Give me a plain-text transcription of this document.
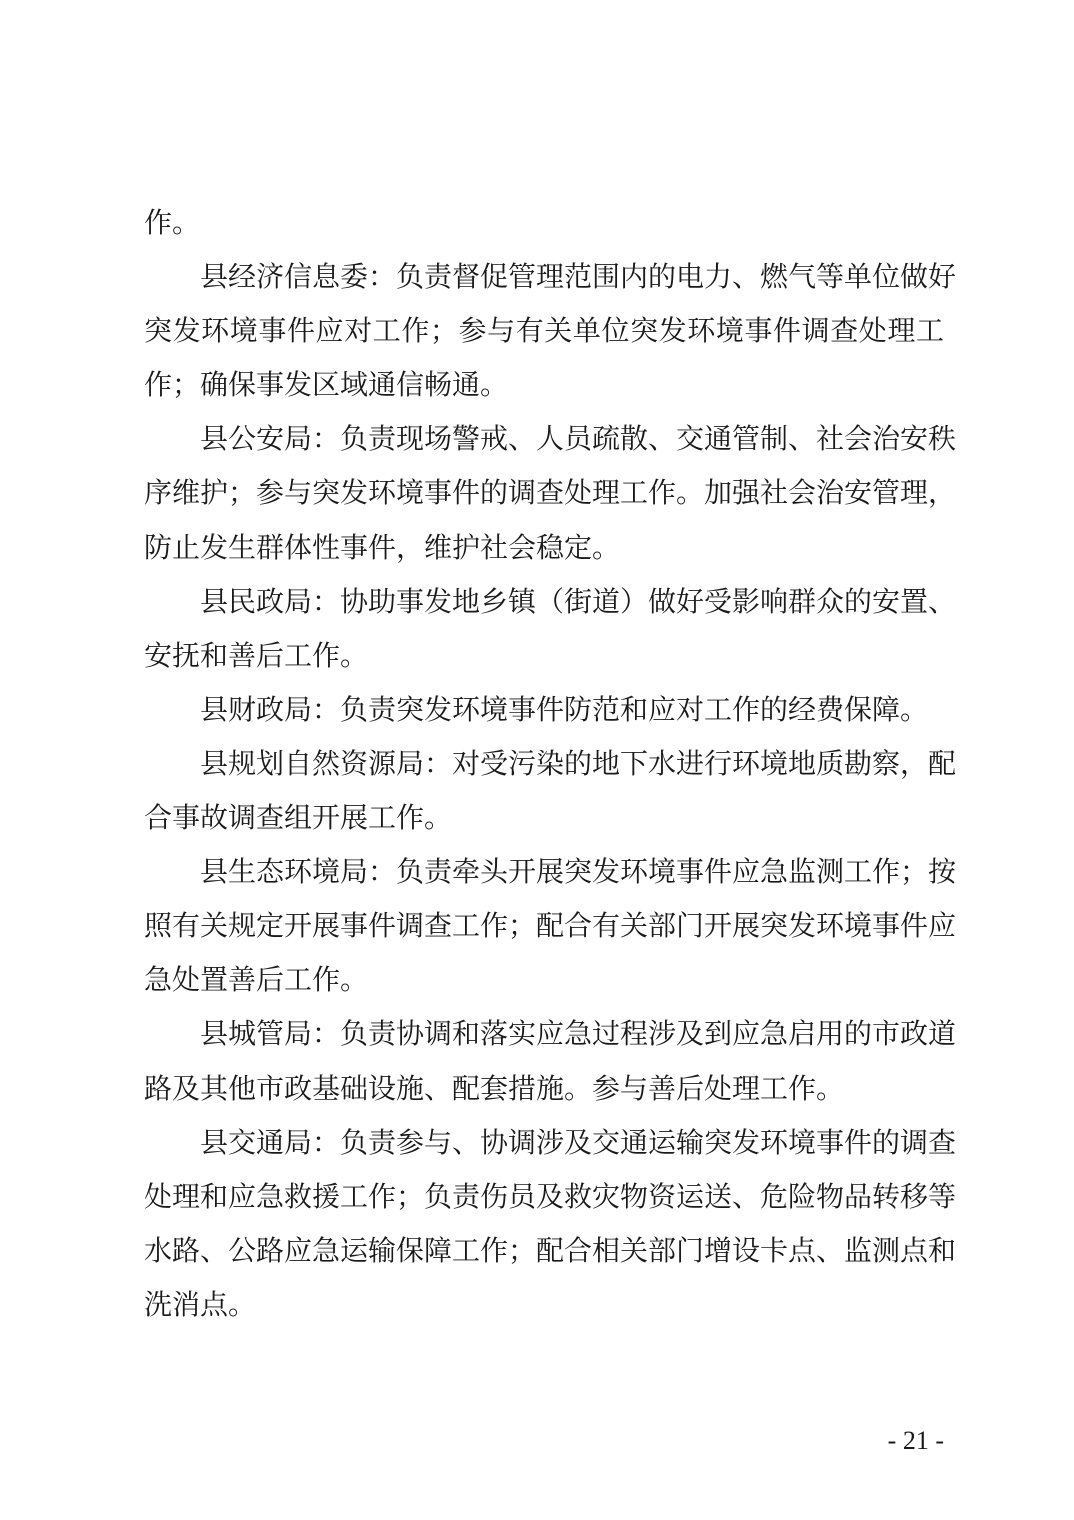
作。
县经济信息委：负责督促管理范围内的电力、燃气等单位做好
突发环境事件应对工作；参与有关单位突发环境事件调查处理工
作；确保事发区域通信畅通。
县公安局：负责现场警戒、人员疏散、交通管制、社会治安秩
序维护；参与突发环境事件的调查处理工作。加强社会治安管理，
防止发生群体性事件，维护社会稳定。
县民政局：协助事发地乡镇（街道）做好受影响群众的安置、
安抚和善后工作。
县财政局：负责突发环境事件防范和应对工作的经费保障。
县规划自然资源局：对受污染的地下水进行环境地质勘察，配
合事故调查组开展工作。
县生态环境局：负责牵头开展突发环境事件应急监测工作；按
照有关规定开展事件调查工作；配合有关部门开展突发环境事件应
急处置善后工作。
县城管局：负责协调和落实应急过程涉及到应急启用的市政道
路及其他市政基础设施、配套措施。参与善后处理工作。
县交通局：负责参与、协调涉及交通运输突发环境事件的调查
处理和应急救援工作；负责伤员及救灾物资运送、危险物品转移等
水路、公路应急运输保障工作；配合相关部门增设卡点、监测点和
洗消点。
- 21 -
